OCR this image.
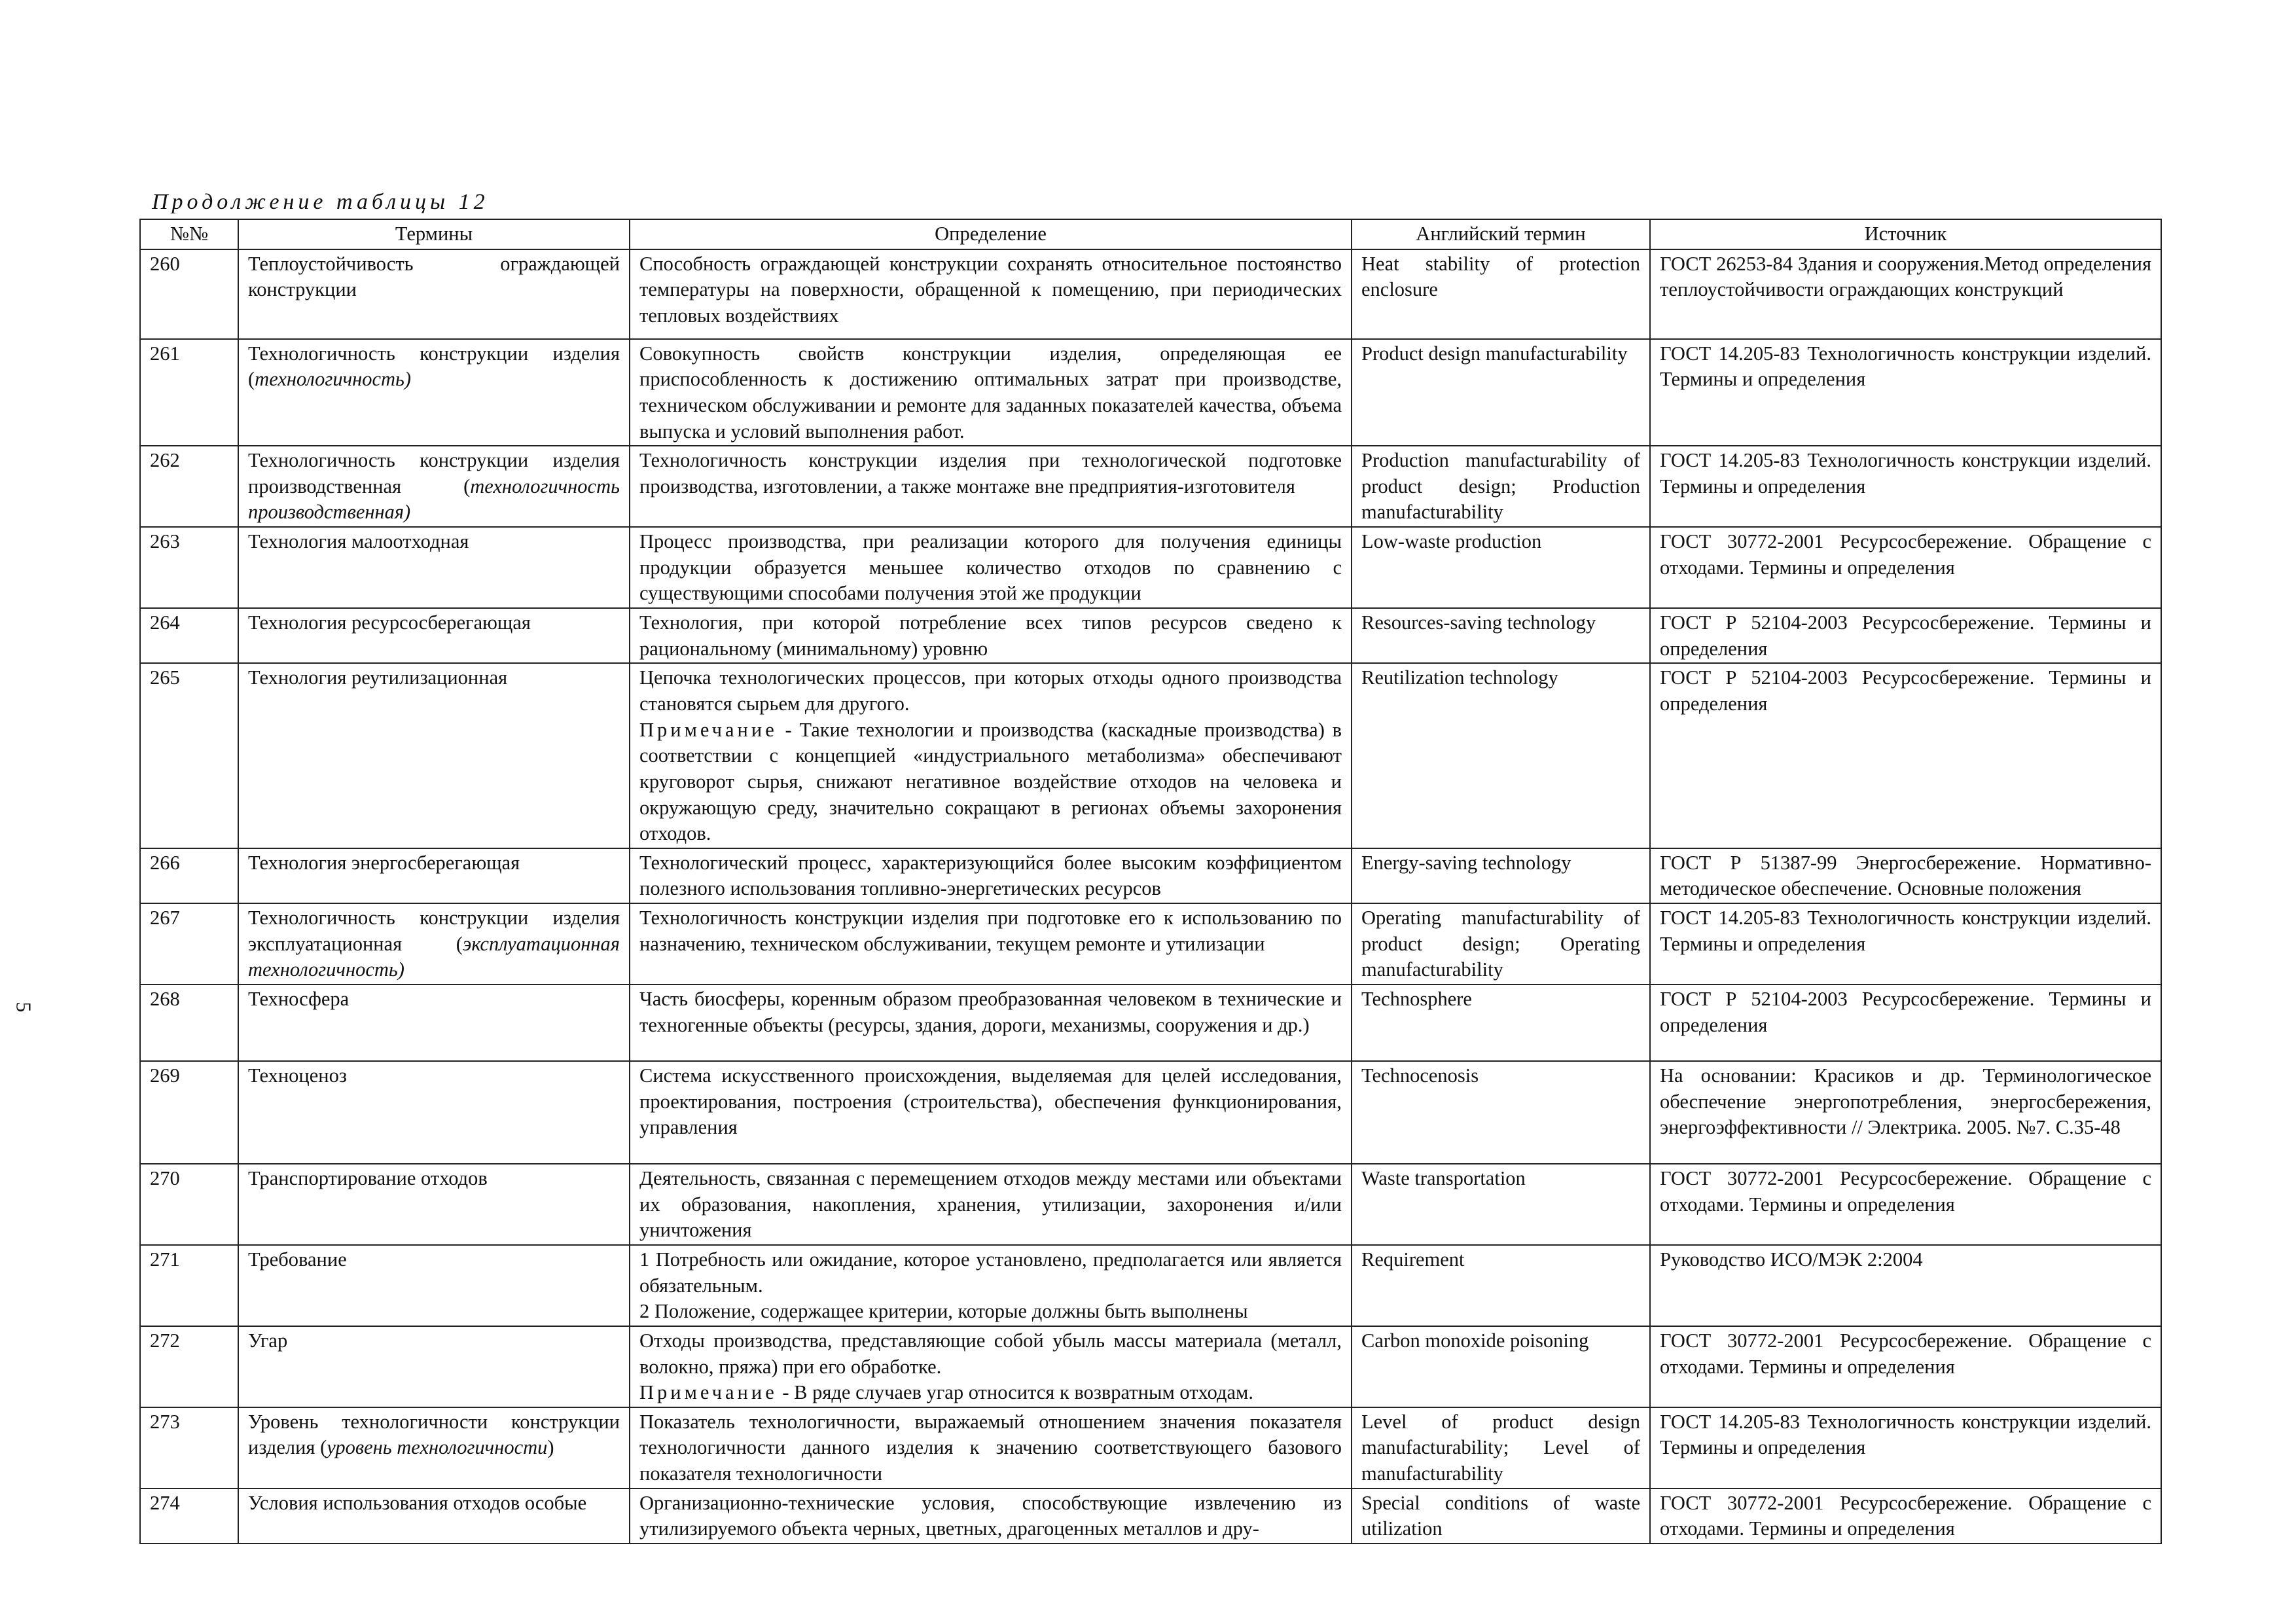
Продолжение таблицы 12
5
№№	Термины	Определение	Английский термин	Источник
260	Теплоустойчивость ограждающей конструкции	Способность ограждающей конструкции сохранять относительное постоянство температуры на поверхности, обращенной к помещению, при периодических тепловых воздействиях	Heat stability of protection enclosure	ГОСТ 26253-84 Здания и сооружения.Метод определения теплоустойчивости ограждающих конструкций
261	Технологичность конструкции изделия (технологичность)	Совокупность свойств конструкции изделия, определяющая ее приспособленность к достижению оптимальных затрат при производстве, техническом обслуживании и ремонте для заданных показателей качества, объема выпуска и условий выполнения работ.	Product design manufacturability	ГОСТ 14.205-83 Технологичность конструкции изделий. Термины и определения
262	Технологичность конструкции изделия производственная (технологичность производственная)	Технологичность конструкции изделия при технологической подготовке производства, изготовлении, а также монтаже вне предприятия-изготовителя	Production manufacturability of product design; Production manufacturability	ГОСТ 14.205-83 Технологичность конструкции изделий. Термины и определения
263	Технология малоотходная	Процесс производства, при реализации которого для получения единицы продукции образуется меньшее количество отходов по сравнению с существующими способами получения этой же продукции	Low-waste production	ГОСТ 30772-2001 Ресурсосбережение. Обращение с отходами. Термины и определения
264	Технология ресурсосберегающая	Технология, при которой потребление всех типов ресурсов сведено к рациональному (минимальному) уровню	Resources-saving technology	ГОСТ Р 52104-2003 Ресурсосбережение. Термины и определения
265	Технология реутилизационная	Цепочка технологических процессов, при которых отходы одного производства становятся сырьем для другого.
Примечание - Такие технологии и производства (каскадные производства) в соответствии с концепцией «индустриального метаболизма» обеспечивают круговорот сырья, снижают негативное воздействие отходов на человека и окружающую среду, значительно сокращают в регионах объемы захоронения отходов.	Reutilization technology	ГОСТ Р 52104-2003 Ресурсосбережение. Термины и определения
266	Технология энергосберегающая	Технологический процесс, характеризующийся более высоким коэффициентом полезного использования топливно-энергетических ресурсов	Energy-saving technology	ГОСТ Р 51387-99 Энергосбережение. Нормативно-методическое обеспечение. Основные положения
267	Технологичность конструкции изделия эксплуатационная (эксплуатационная технологичность)	Технологичность конструкции изделия при подготовке его к использованию по назначению, техническом обслуживании, текущем ремонте и утилизации	Operating manufacturability of product design; Operating manufacturability	ГОСТ 14.205-83 Технологичность конструкции изделий. Термины и определения
268	Техносфера	Часть биосферы, коренным образом преобразованная человеком в технические и техногенные объекты (ресурсы, здания, дороги, механизмы, сооружения и др.)	Technosphere	ГОСТ Р 52104-2003 Ресурсосбережение. Термины и определения
269	Техноценоз	Система искусственного происхождения, выделяемая для целей исследования, проектирования, построения (строительства), обеспечения функционирования, управления	Technocenosis	На основании: Красиков и др. Терминологическое обеспечение энергопотребления, энергосбережения, энергоэффективности // Электрика. 2005. №7. С.35-48
270	Транспортирование отходов	Деятельность, связанная с перемещением отходов между местами или объектами их образования, накопления, хранения, утилизации, захоронения и/или уничтожения	Waste transportation	ГОСТ 30772-2001 Ресурсосбережение. Обращение с отходами. Термины и определения
271	Требование	1 Потребность или ожидание, которое установлено, предполагается или является обязательным.
2 Положение, содержащее критерии, которые должны быть выполнены	Requirement	Руководство ИСО/МЭК 2:2004
272	Угар	Отходы производства, представляющие собой убыль массы материала (металл, волокно, пряжа) при его обработке.
Примечание - В ряде случаев угар относится к возвратным отходам.	Carbon monoxide poisoning	ГОСТ 30772-2001 Ресурсосбережение. Обращение с отходами. Термины и определения
273	Уровень технологичности конструкции изделия (уровень технологичности)	Показатель технологичности, выражаемый отношением значения показателя технологичности данного изделия к значению соответствующего базового показателя технологичности	Level of product design manufacturability; Level of manufacturability	ГОСТ 14.205-83 Технологичность конструкции изделий. Термины и определения
274	Условия использования отходов особые	Организационно-технические условия, способствующие извлечению из утилизируемого объекта черных, цветных, драгоценных металлов и дру-	Special conditions of waste utilization	ГОСТ 30772-2001 Ресурсосбережение. Обращение с отходами. Термины и определения
